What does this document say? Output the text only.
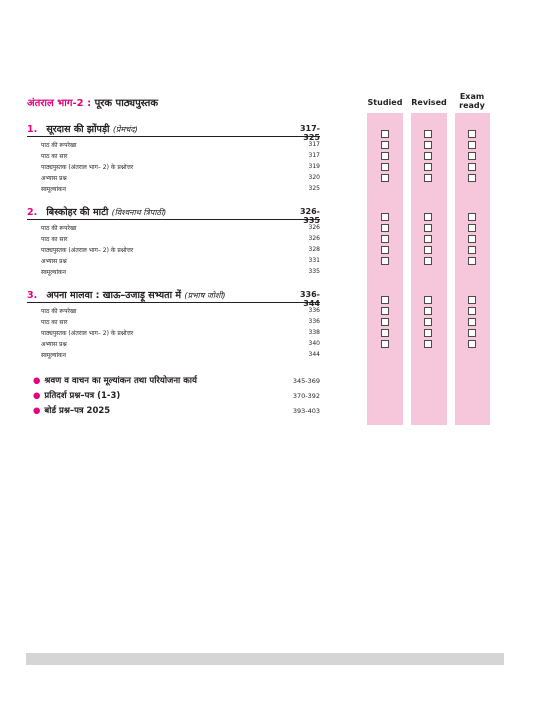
अंतराल भाग-2 : पूरक पाठ्यपुस्तक	Studied	Revised
Exam
ready
1. सूरदास की झोंपड़ी (प्रेमचंद)	317-325
पाठ की रूपरेखा	317
पाठ का सार	317
पाठ्यपुस्तक (अंतराल भाग– 2) के प्रश्नोत्तर	319
अभ्यास प्रश्न	320
स्वमूल्यांकन	325
2. बिस्कोहर की माटी (विश्वनाथ त्रिपाठी)	326-335
पाठ की रूपरेखा	326
पाठ का सार	326
पाठ्यपुस्तक (अंतराल भाग– 2) के प्रश्नोत्तर	328
अभ्यास प्रश्न	331
स्वमूल्यांकन	335
3. अपना मालवा : खाऊ–उजाड़ू सभ्यता में (प्रभाष जोशी)	336-344
पाठ की रूपरेखा	336
पाठ का सार	336
पाठ्यपुस्तक (अंतराल भाग– 2) के प्रश्नोत्तर	338
अभ्यास प्रश्न	340
स्वमूल्यांकन	344
● श्रवण व वाचन का मूल्यांकन तथा परियोजना कार्य	345-369
● प्रतिदर्श प्रश्न–पत्र (1-3)	370-392
● बोर्ड प्रश्न–पत्र 2025	393-403
